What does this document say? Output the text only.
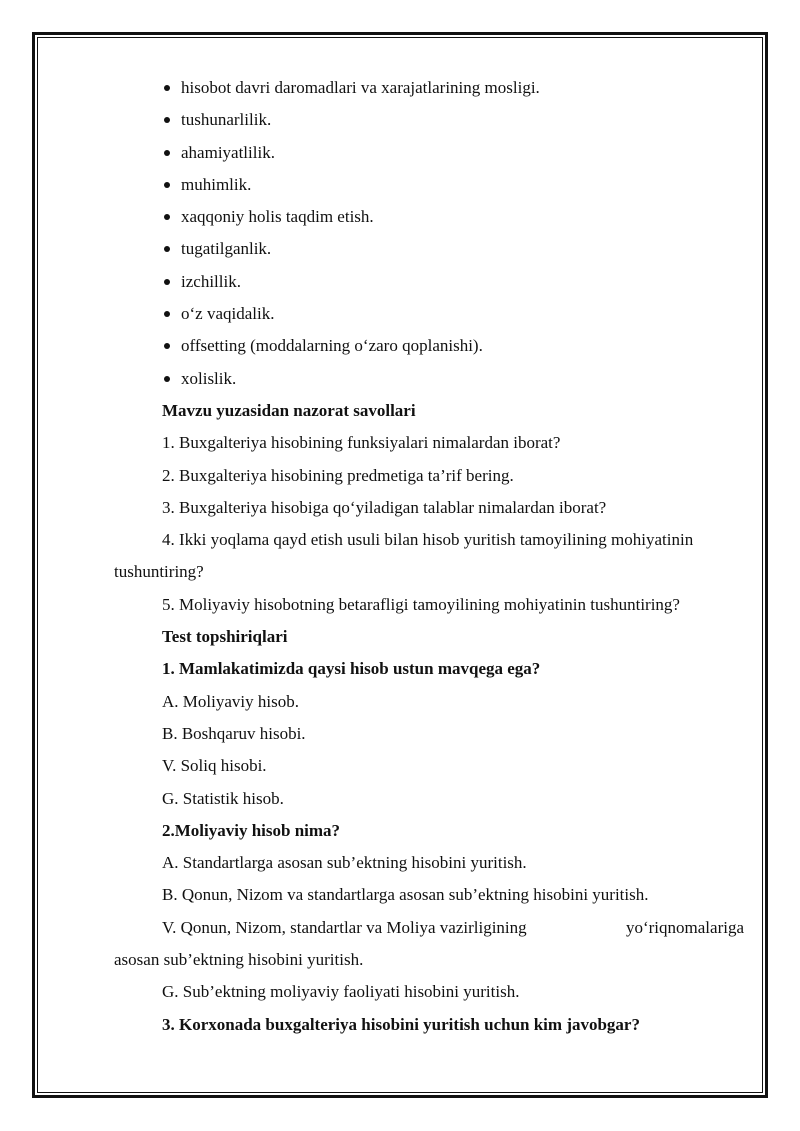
hisobot davri daromadlari va xarajatlarining mosligi.
tushunarlilik.
ahamiyatlilik.
muhimlik.
xaqqoniy holis taqdim etish.
tugatilganlik.
izchillik.
o‘z vaqidalik.
offsetting (moddalarning o‘zaro qoplanishi).
xolislik.
Mavzu yuzasidan nazorat savollari
1. Buxgalteriya hisobining funksiyalari nimalardan iborat?
2. Buxgalteriya hisobining predmetiga ta’rif bering.
3. Buxgalteriya hisobiga qo‘yiladigan talablar nimalardan iborat?
4. Ikki yoqlama qayd etish usuli bilan hisob yuritish tamoyilining mohiyatinin
tushuntiring?
5. Moliyaviy hisobotning betarafligi tamoyilining mohiyatinin tushuntiring?
Test topshiriqlari
1. Mamlakatimizda qaysi hisob ustun mavqega ega?
A. Moliyaviy hisob.
B. Boshqaruv hisobi.
V. Soliq hisobi.
G. Statistik hisob.
2.Moliyaviy hisob nima?
A. Standartlarga asosan sub’ektning hisobini yuritish.
B. Qonun, Nizom va standartlarga asosan sub’ektning hisobini yuritish.
V. Qonun, Nizom, standartlar va Moliya vazirligining	yo‘riqnomalariga
asosan sub’ektning hisobini yuritish.
G. Sub’ektning moliyaviy faoliyati hisobini yuritish.
3. Korxonada buxgalteriya hisobini yuritish uchun kim javobgar?
